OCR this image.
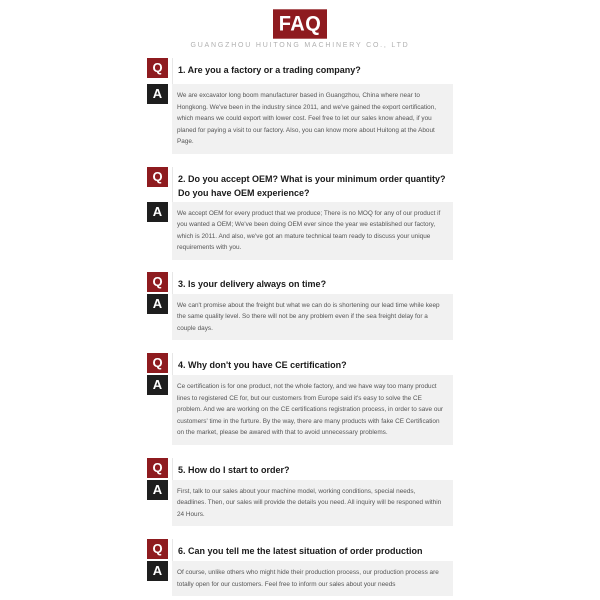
FAQ
GUANGZHOU HUITONG MACHINERY CO., LTD
Q	1. Are you a factory or a trading company?
A	We are excavator long boom manufacturer based in Guangzhou, China where near to Hongkong. We've been in the industry since 2011, and we've gained the export certification, which means we could export with lower cost. Feel free to let our sales know ahead, if you planed for paying a visit to our factory. Also, you can know more about Huitong at the About Page.
Q	2. Do you accept OEM? What is your minimum order quantity? Do you have OEM experience?
A	We accept OEM for every product that we produce; There is no MOQ for any of our product if you wanted a OEM; We've been doing OEM ever since the year we established our factory, which is 2011. And also, we've got an mature technical team ready to discuss your unique requirements with you.
Q	3. Is your delivery always on time?
A	We can't promise about the freight but what we can do is shortening our lead time while keep the same quality level. So there will not be any problem even if the sea freight delay for a couple days.
Q	4. Why don't you have CE certification?
A	Ce certification is for one product, not the whole factory, and we have way too many product lines to registered CE for, but our customers from Europe said it's easy to solve the CE problem. And we are working on the CE certifications registration process, in order to save our customers' time in the furture. By the way, there are many products with fake CE Certification on the market, please be awared with that to avoid unnecessary problems.
Q	5. How do I start to order?
A	First, talk to our sales about your machine model, working conditions, special needs, deadlines. Then, our sales will provide the details you need. All inquiry will be responed within 24 Hours.
Q	6. Can you tell me the latest situation of order production
A	Of course, unlike others who might hide their production process, our production process are totally open for our customers. Feel free to inform our sales about your needs
